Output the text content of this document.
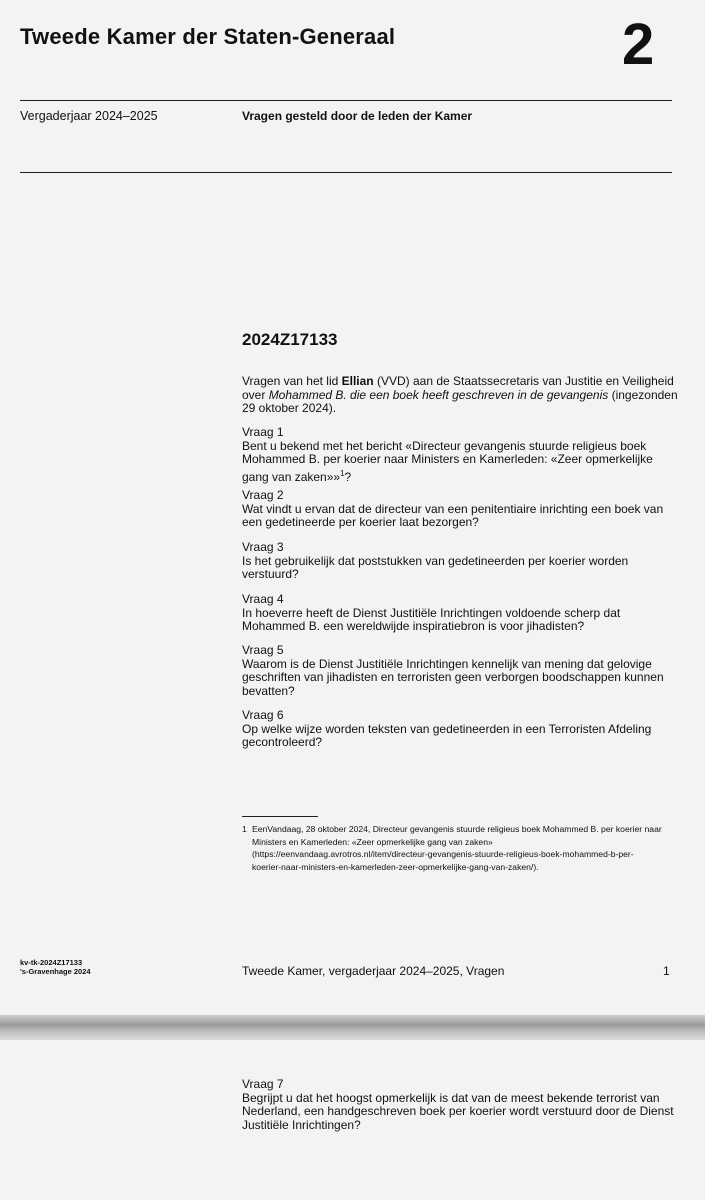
Tweede Kamer der Staten-Generaal	2
Vergaderjaar 2024–2025	Vragen gesteld door de leden der Kamer
2024Z17133
Vragen van het lid Ellian (VVD) aan de Staatssecretaris van Justitie en Veiligheid over Mohammed B. die een boek heeft geschreven in de gevangenis (ingezonden 29 oktober 2024).
Vraag 1
Bent u bekend met het bericht «Directeur gevangenis stuurde religieus boek Mohammed B. per koerier naar Ministers en Kamerleden: «Zeer opmerkelijke gang van zaken»»$^1$?
Vraag 2
Wat vindt u ervan dat de directeur van een penitentiaire inrichting een boek van een gedetineerde per koerier laat bezorgen?
Vraag 3
Is het gebruikelijk dat poststukken van gedetineerden per koerier worden verstuurd?
Vraag 4
In hoeverre heeft de Dienst Justitiële Inrichtingen voldoende scherp dat Mohammed B. een wereldwijde inspiratiebron is voor jihadisten?
Vraag 5
Waarom is de Dienst Justitiële Inrichtingen kennelijk van mening dat gelovige geschriften van jihadisten en terroristen geen verborgen boodschappen kunnen bevatten?
Vraag 6
Op welke wijze worden teksten van gedetineerden in een Terroristen Afdeling gecontroleerd?
1 EenVandaag, 28 oktober 2024, Directeur gevangenis stuurde religieus boek Mohammed B. per koerier naar Ministers en Kamerleden: «Zeer opmerkelijke gang van zaken» (https://eenvandaag.avrotros.nl/item/directeur-gevangenis-stuurde-religieus-boek-mohammed-b-per-koerier-naar-ministers-en-kamerleden-zeer-opmerkelijke-gang-van-zaken/).
kv-tk-2024Z17133
's-Gravenhage 2024	Tweede Kamer, vergaderjaar 2024–2025, Vragen	1
Vraag 7
Begrijpt u dat het hoogst opmerkelijk is dat van de meest bekende terrorist van Nederland, een handgeschreven boek per koerier wordt verstuurd door de Dienst Justitiële Inrichtingen?
